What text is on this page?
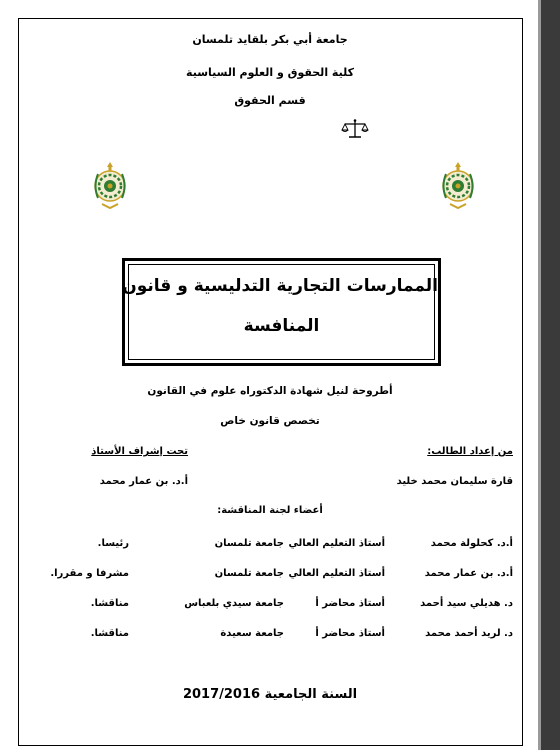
جامعة أبي بكر بلقايد تلمسان
كلية الحقوق و العلوم السياسية
قسم الحقوق
الممارسات التجارية التدليسية و قانون
المنافسة
أطروحة لنيل شهادة الدكتوراه علوم في القانون
تخصص قانون خاص
من إعداد الطالب:
تحت إشراف الأستاذ
قارة سليمان محمد خليد
أ.د. بن عمار محمد
أعضاء لجنة المناقشة:
أ.د. كحلولة محمد
أستاذ التعليم العالي
جامعة تلمسان
رئيسا.
أ.د. بن عمار محمد
أستاذ التعليم العالي
جامعة تلمسان
مشرفا و مقررا.
د. هديلي سيد أحمد
أستاذ محاضر أ
جامعة سيدي بلعباس
مناقشا.
د. لريد أحمد محمد
أستاذ محاضر أ
جامعة سعيدة
مناقشا.
السنة الجامعية 2017/2016
